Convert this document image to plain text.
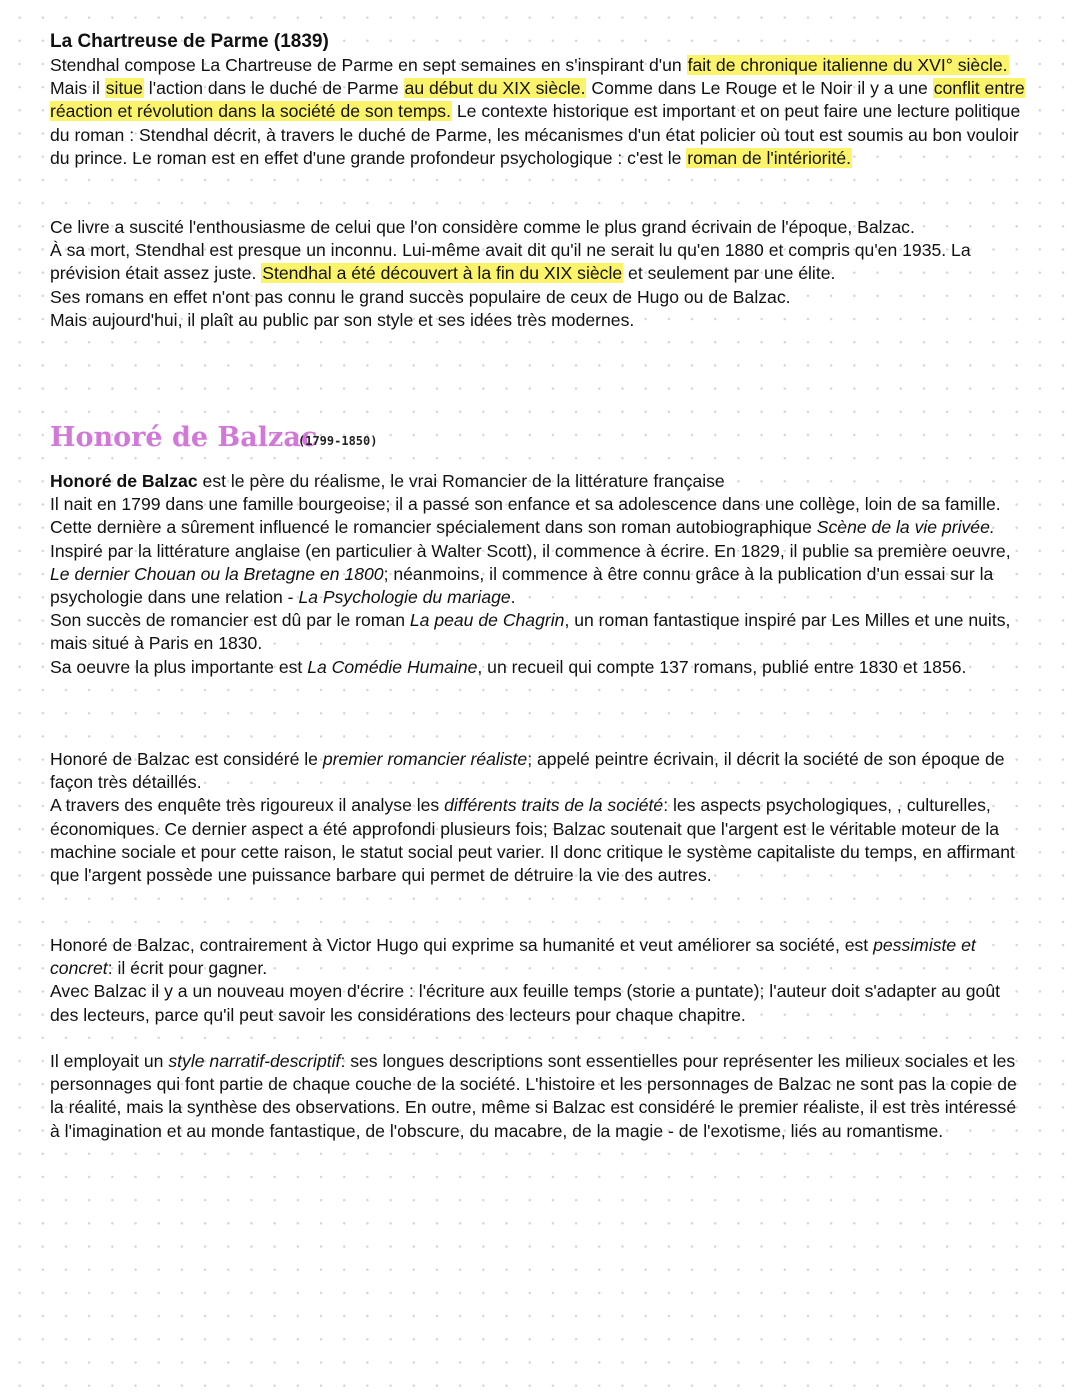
La Chartreuse de Parme (1839)

Stendhal compose La Chartreuse de Parme en sept semaines en s'inspirant d'un fait de chronique italienne du XVI° siècle. Mais il situe l'action dans le duché de Parme au début du XIX siècle. Comme dans Le Rouge et le Noir il y a une conflit entre réaction et révolution dans la société de son temps. Le contexte historique est important et on peut faire une lecture politique du roman : Stendhal décrit, à travers le duché de Parme, les mécanismes d'un état policier où tout est soumis au bon vouloir du prince. Le roman est en effet d'une grande profondeur psychologique : c'est le roman de l'intériorité.

Ce livre a suscité l'enthousiasme de celui que l'on considère comme le plus grand écrivain de l'époque, Balzac.
À sa mort, Stendhal est presque un inconnu. Lui-même avait dit qu'il ne serait lu qu'en 1880 et compris qu'en 1935. La prévision était assez juste. Stendhal a été découvert à la fin du XIX siècle et seulement par une élite.
Ses romans en effet n'ont pas connu le grand succès populaire de ceux de Hugo ou de Balzac.
Mais aujourd'hui, il plaît au public par son style et ses idées très modernes.

Honoré de Balzac
(1799-1850)

Honoré de Balzac est le père du réalisme, le vrai Romancier de la littérature française
Il nait en 1799 dans une famille bourgeoise; il a passé son enfance et sa adolescence dans une collège, loin de sa famille. Cette dernière a sûrement influencé le romancier spécialement dans son roman autobiographique Scène de la vie privée.
Inspiré par la littérature anglaise (en particulier à Walter Scott), il commence à écrire. En 1829, il publie sa première oeuvre, Le dernier Chouan ou la Bretagne en 1800; néanmoins, il commence à être connu grâce à la publication d'un essai sur la psychologie dans une relation - La Psychologie du mariage.
Son succès de romancier est dû par le roman La peau de Chagrin, un roman fantastique inspiré par Les Milles et une nuits, mais situé à Paris en 1830.
Sa oeuvre la plus importante est La Comédie Humaine, un recueil qui compte 137 romans, publié entre 1830 et 1856.

Honoré de Balzac est considéré le premier romancier réaliste; appelé peintre écrivain, il décrit la société de son époque de façon très détaillés.
A travers des enquête très rigoureux il analyse les différents traits de la société: les aspects psychologiques, , culturelles, économiques. Ce dernier aspect a été approfondi plusieurs fois; Balzac soutenait que l'argent est le véritable moteur de la machine sociale et pour cette raison, le statut social peut varier. Il donc critique le système capitaliste du temps, en affirmant que l'argent possède une puissance barbare qui permet de détruire la vie des autres.

Honoré de Balzac, contrairement à Victor Hugo qui exprime sa humanité et veut améliorer sa société, est pessimiste et concret: il écrit pour gagner.
Avec Balzac il y a un nouveau moyen d'écrire : l'écriture aux feuille temps (storie a puntate); l'auteur doit s'adapter au goût des lecteurs, parce qu'il peut savoir les considérations des lecteurs pour chaque chapitre.

Il employait un style narratif-descriptif: ses longues descriptions sont essentielles pour représenter les milieux sociales et les personnages qui font partie de chaque couche de la société. L'histoire et les personnages de Balzac ne sont pas la copie de la réalité, mais la synthèse des observations. En outre, même si Balzac est considéré le premier réaliste, il est très intéressé à l'imagination et au monde fantastique, de l'obscure, du macabre, de la magie - de l'exotisme, liés au romantisme.
